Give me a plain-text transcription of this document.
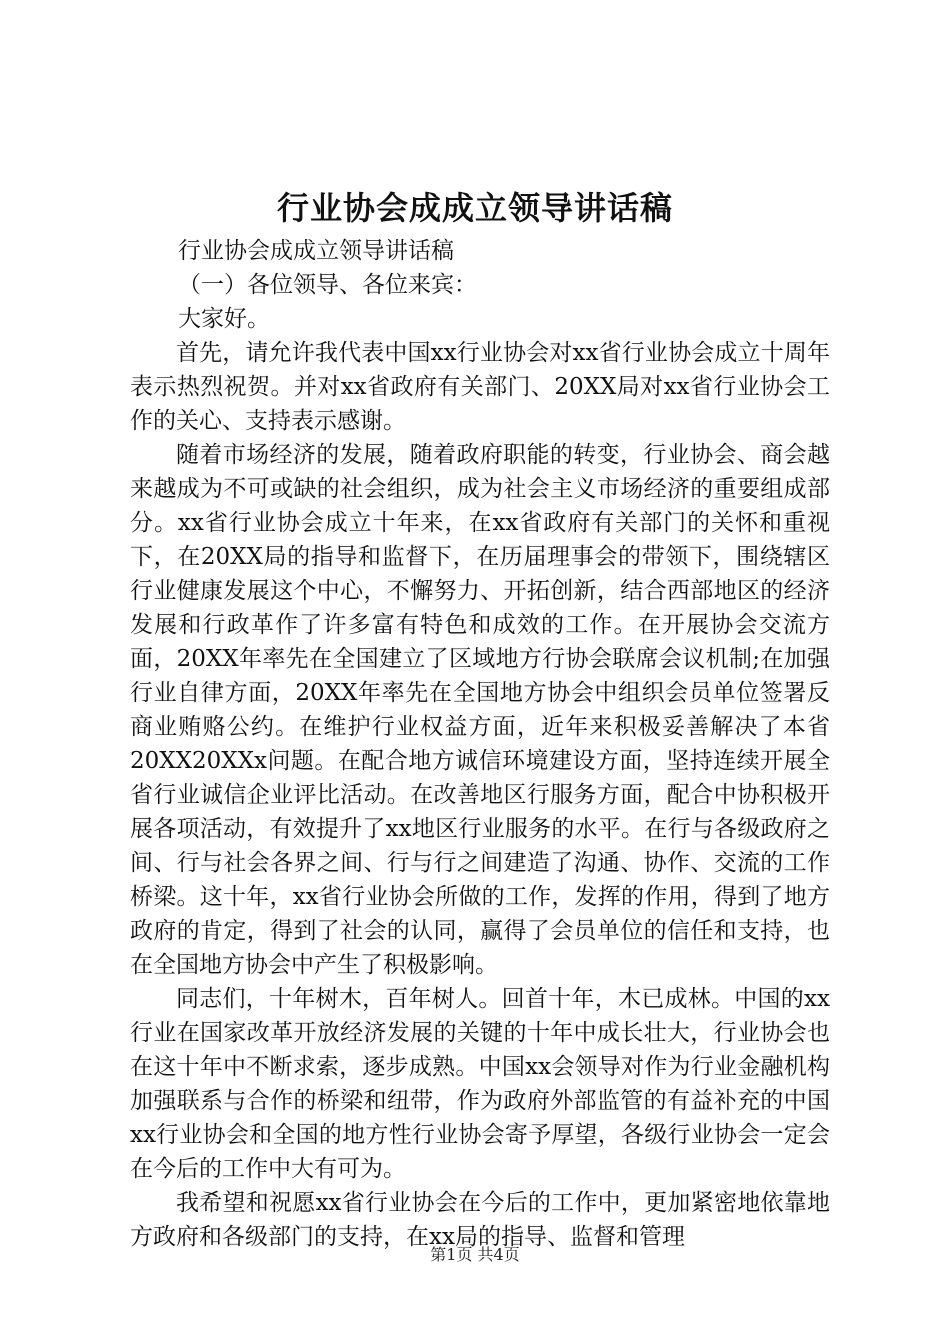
行业协会成成立领导讲话稿

行业协会成成立领导讲话稿

（一）各位领导、各位来宾：

大家好。

首先，请允许我代表中国xx行业协会对xx省行业协会成立十周年表示热烈祝贺。并对xx省政府有关部门、20XX局对xx省行业协会工作的关心、支持表示感谢。

随着市场经济的发展，随着政府职能的转变，行业协会、商会越来越成为不可或缺的社会组织，成为社会主义市场经济的重要组成部分。xx省行业协会成立十年来，在xx省政府有关部门的关怀和重视下，在20XX局的指导和监督下，在历届理事会的带领下，围绕辖区行业健康发展这个中心，不懈努力、开拓创新，结合西部地区的经济发展和行政革作了许多富有特色和成效的工作。在开展协会交流方面，20XX年率先在全国建立了区域地方行协会联席会议机制;在加强行业自律方面，20XX年率先在全国地方协会中组织会员单位签署反商业贿赂公约。在维护行业权益方面，近年来积极妥善解决了本省20XX20XXx问题。在配合地方诚信环境建设方面，坚持连续开展全省行业诚信企业评比活动。在改善地区行服务方面，配合中协积极开展各项活动，有效提升了xx地区行业服务的水平。在行与各级政府之间、行与社会各界之间、行与行之间建造了沟通、协作、交流的工作桥梁。这十年，xx省行业协会所做的工作，发挥的作用，得到了地方政府的肯定，得到了社会的认同，赢得了会员单位的信任和支持，也在全国地方协会中产生了积极影响。

同志们，十年树木，百年树人。回首十年，木已成林。中国的xx行业在国家改革开放经济发展的关键的十年中成长壮大，行业协会也在这十年中不断求索，逐步成熟。中国xx会领导对作为行业金融机构加强联系与合作的桥梁和纽带，作为政府外部监管的有益补充的中国xx行业协会和全国的地方性行业协会寄予厚望，各级行业协会一定会在今后的工作中大有可为。

我希望和祝愿xx省行业协会在今后的工作中，更加紧密地依靠地方政府和各级部门的支持，在xx局的指导、监督和管理

第1页 共4页
